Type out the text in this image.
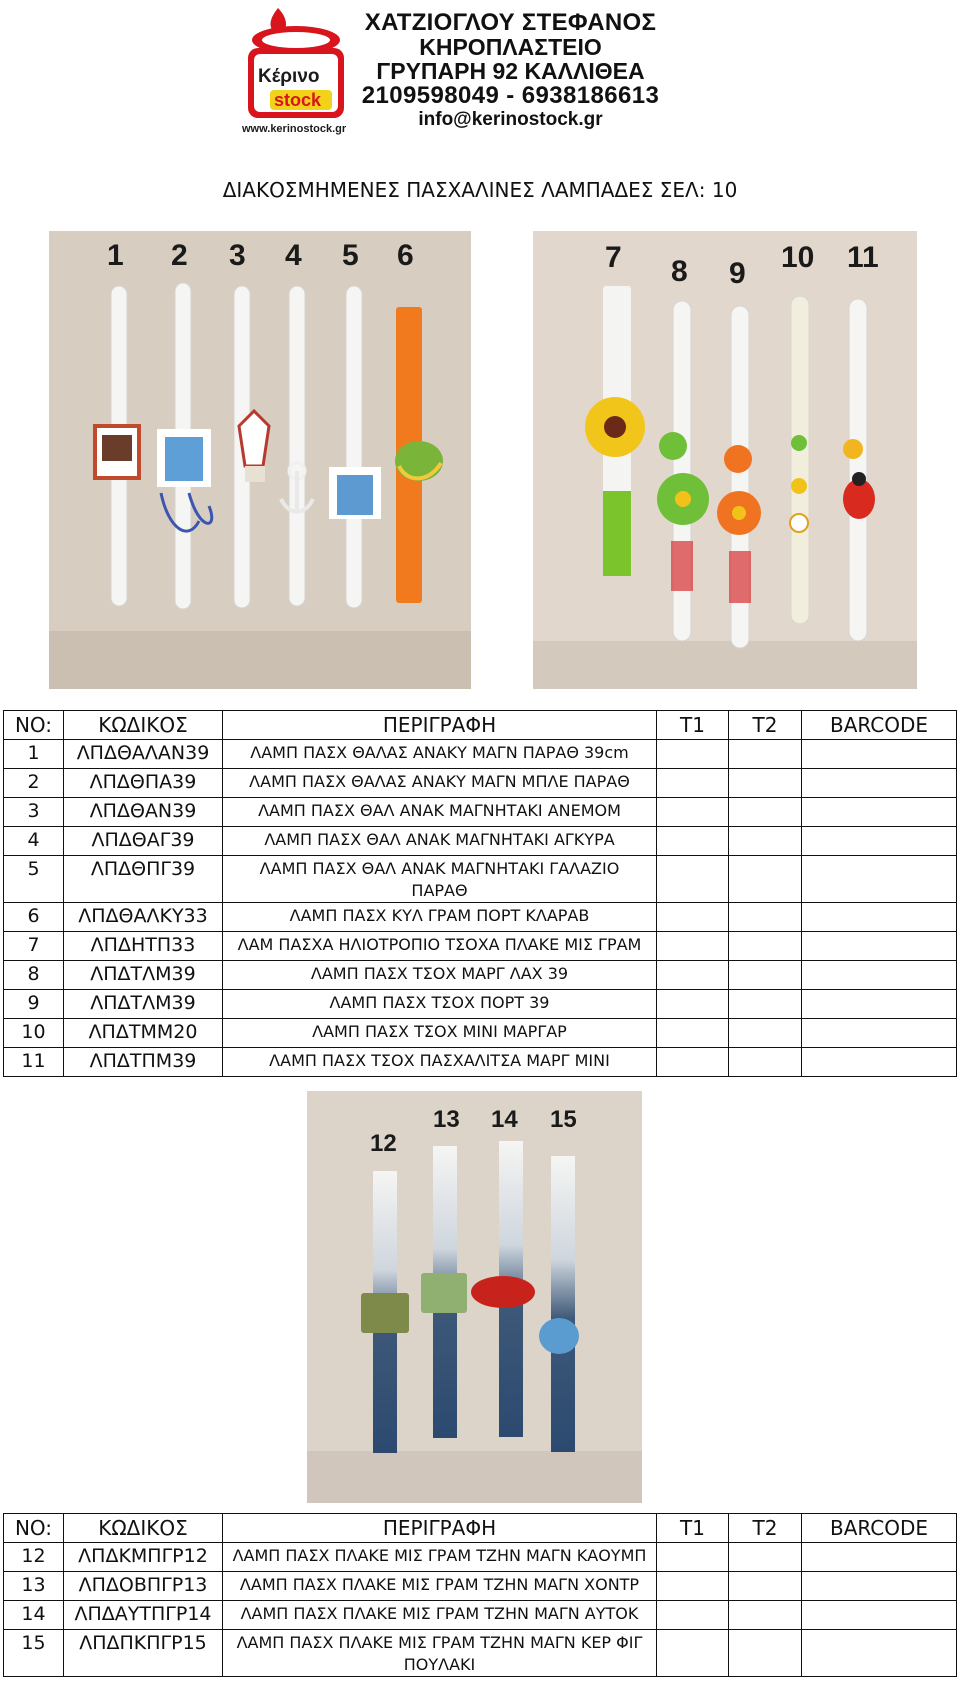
Κέρινο
stock
www.kerinostock.gr
ΧΑΤΖΙΟΓΛΟΥ ΣΤΕΦΑΝΟΣ
ΚΗΡΟΠΛΑΣΤΕΙΟ
ΓΡΥΠΑΡΗ 92 ΚΑΛΛΙΘΕΑ
2109598049 - 6938186613
info@kerinostock.gr
ΔΙΑΚΟΣΜΗΜΕΝΕΣ ΠΑΣΧΑΛΙΝΕΣ ΛΑΜΠΑΔΕΣ ΣΕΛ: 10
1 2 3 4 5 6	7 8 9 10 11
NO:	ΚΩΔΙΚΟΣ	ΠΕΡΙΓΡΑΦΗ	T1	T2	BARCODE
1	ΛΠΔΘΑΛΑΝ39	ΛΑΜΠ ΠΑΣΧ ΘΑΛΑΣ ΑΝΑΚΥ ΜΑΓΝ ΠΑΡΑΘ 39cm			
2	ΛΠΔΘΠΑ39	ΛΑΜΠ ΠΑΣΧ ΘΑΛΑΣ ΑΝΑΚΥ ΜΑΓΝ ΜΠΛΕ ΠΑΡΑΘ			
3	ΛΠΔΘΑΝ39	ΛΑΜΠ ΠΑΣΧ ΘΑΛ ΑΝΑΚ ΜΑΓΝΗΤΑΚΙ ΑΝΕΜΟΜ			
4	ΛΠΔΘΑΓ39	ΛΑΜΠ ΠΑΣΧ ΘΑΛ ΑΝΑΚ ΜΑΓΝΗΤΑΚΙ ΑΓΚΥΡΑ			
5	ΛΠΔΘΠΓ39	ΛΑΜΠ ΠΑΣΧ ΘΑΛ ΑΝΑΚ ΜΑΓΝΗΤΑΚΙ ΓΑΛΑΖΙΟ
ΠΑΡΑΘ			

6	ΛΠΔΘΑΛΚΥ33	ΛΑΜΠ ΠΑΣΧ ΚΥΛ ΓΡΑΜ ΠΟΡΤ ΚΛΑΡΑΒ			
7	ΛΠΔΗΤΠ33	ΛΑΜ ΠΑΣΧΑ ΗΛΙΟΤΡΟΠΙΟ ΤΣΟΧΑ ΠΛΑΚΕ ΜΙΣ ΓΡΑΜ			
8	ΛΠΔΤΛΜ39	ΛΑΜΠ ΠΑΣΧ ΤΣΟΧ ΜΑΡΓ ΛΑΧ 39			
9	ΛΠΔΤΛΜ39	ΛΑΜΠ ΠΑΣΧ ΤΣΟΧ ΠΟΡΤ 39			
10	ΛΠΔΤΜΜ20	ΛΑΜΠ ΠΑΣΧ ΤΣΟΧ ΜΙΝΙ ΜΑΡΓΑΡ			
11	ΛΠΔΤΠΜ39	ΛΑΜΠ ΠΑΣΧ ΤΣΟΧ ΠΑΣΧΑΛΙΤΣΑ ΜΑΡΓ ΜΙΝΙ			
12
13 14 15
NO:	ΚΩΔΙΚΟΣ	ΠΕΡΙΓΡΑΦΗ	T1	T2	BARCODE
12	ΛΠΔΚΜΠΓΡ12	ΛΑΜΠ ΠΑΣΧ ΠΛΑΚΕ ΜΙΣ ΓΡΑΜ ΤΖΗΝ ΜΑΓΝ ΚΑΟΥΜΠ			
13	ΛΠΔΟΒΠΓΡ13	ΛΑΜΠ ΠΑΣΧ ΠΛΑΚΕ ΜΙΣ ΓΡΑΜ ΤΖΗΝ ΜΑΓΝ ΧΟΝΤΡ			
14	ΛΠΔΑΥΤΠΓΡ14	ΛΑΜΠ ΠΑΣΧ ΠΛΑΚΕ ΜΙΣ ΓΡΑΜ ΤΖΗΝ ΜΑΓΝ ΑΥΤΟΚ			
15	ΛΠΔΠΚΠΓΡ15	ΛΑΜΠ ΠΑΣΧ ΠΛΑΚΕ ΜΙΣ ΓΡΑΜ ΤΖΗΝ ΜΑΓΝ ΚΕΡ ΦΙΓ
ΠΟΥΛΑΚΙ			
